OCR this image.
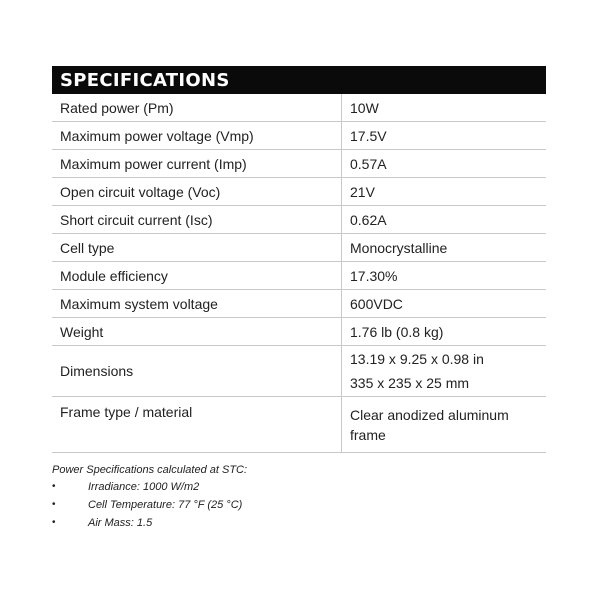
SPECIFICATIONS
Rated power (Pm)	10W
Maximum power voltage (Vmp)	17.5V
Maximum power current (Imp)	0.57A
Open circuit voltage (Voc)	21V
Short circuit current (Isc)	0.62A
Cell type	Monocrystalline
Module efficiency	17.30%
Maximum system voltage	600VDC
Weight	1.76 lb (0.8 kg)
Dimensions	13.19 x 9.25 x 0.98 in
335 x 235 x 25 mm

Frame type / material	Clear anodized aluminum
frame
Power Specifications calculated at STC:
•	Irradiance: 1000 W/m2
•	Cell Temperature: 77 °F (25 °C)
•	Air Mass: 1.5
